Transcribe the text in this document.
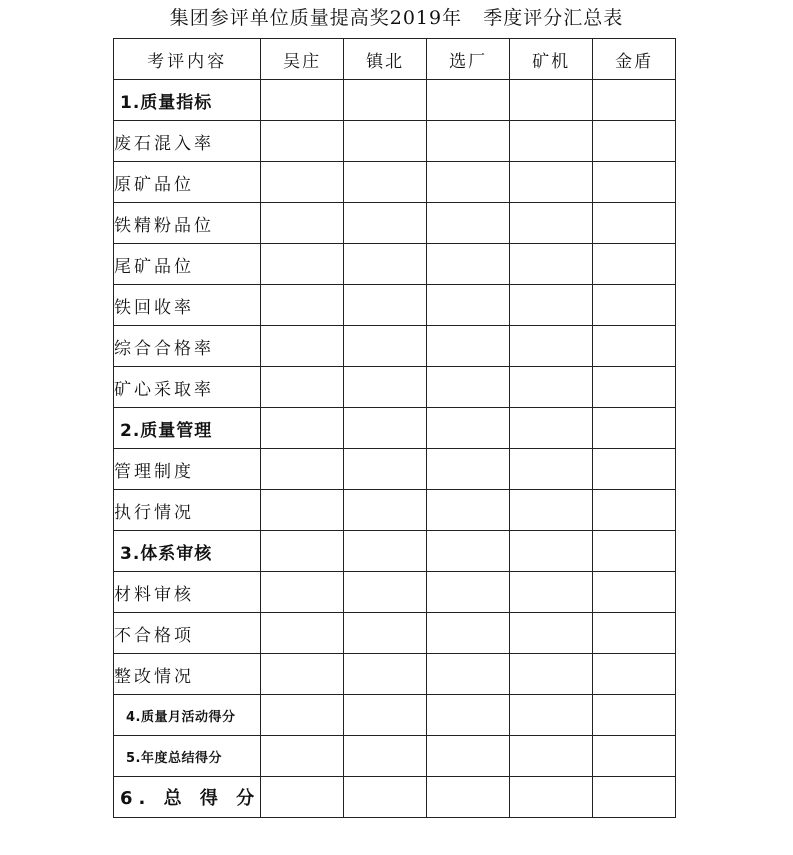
集团参评单位质量提高奖2019年   季度评分汇总表
考评内容	吴庄	镇北	选厂	矿机	金盾
1.质量指标					
废石混入率					
原矿品位					
铁精粉品位					
尾矿品位					
铁回收率					
综合合格率					
矿心采取率					
2.质量管理					
管理制度					
执行情况					
3.体系审核					
材料审核					
不合格项					
整改情况					
4.质量月活动得分					
5.年度总结得分					
6. 总 得 分					
